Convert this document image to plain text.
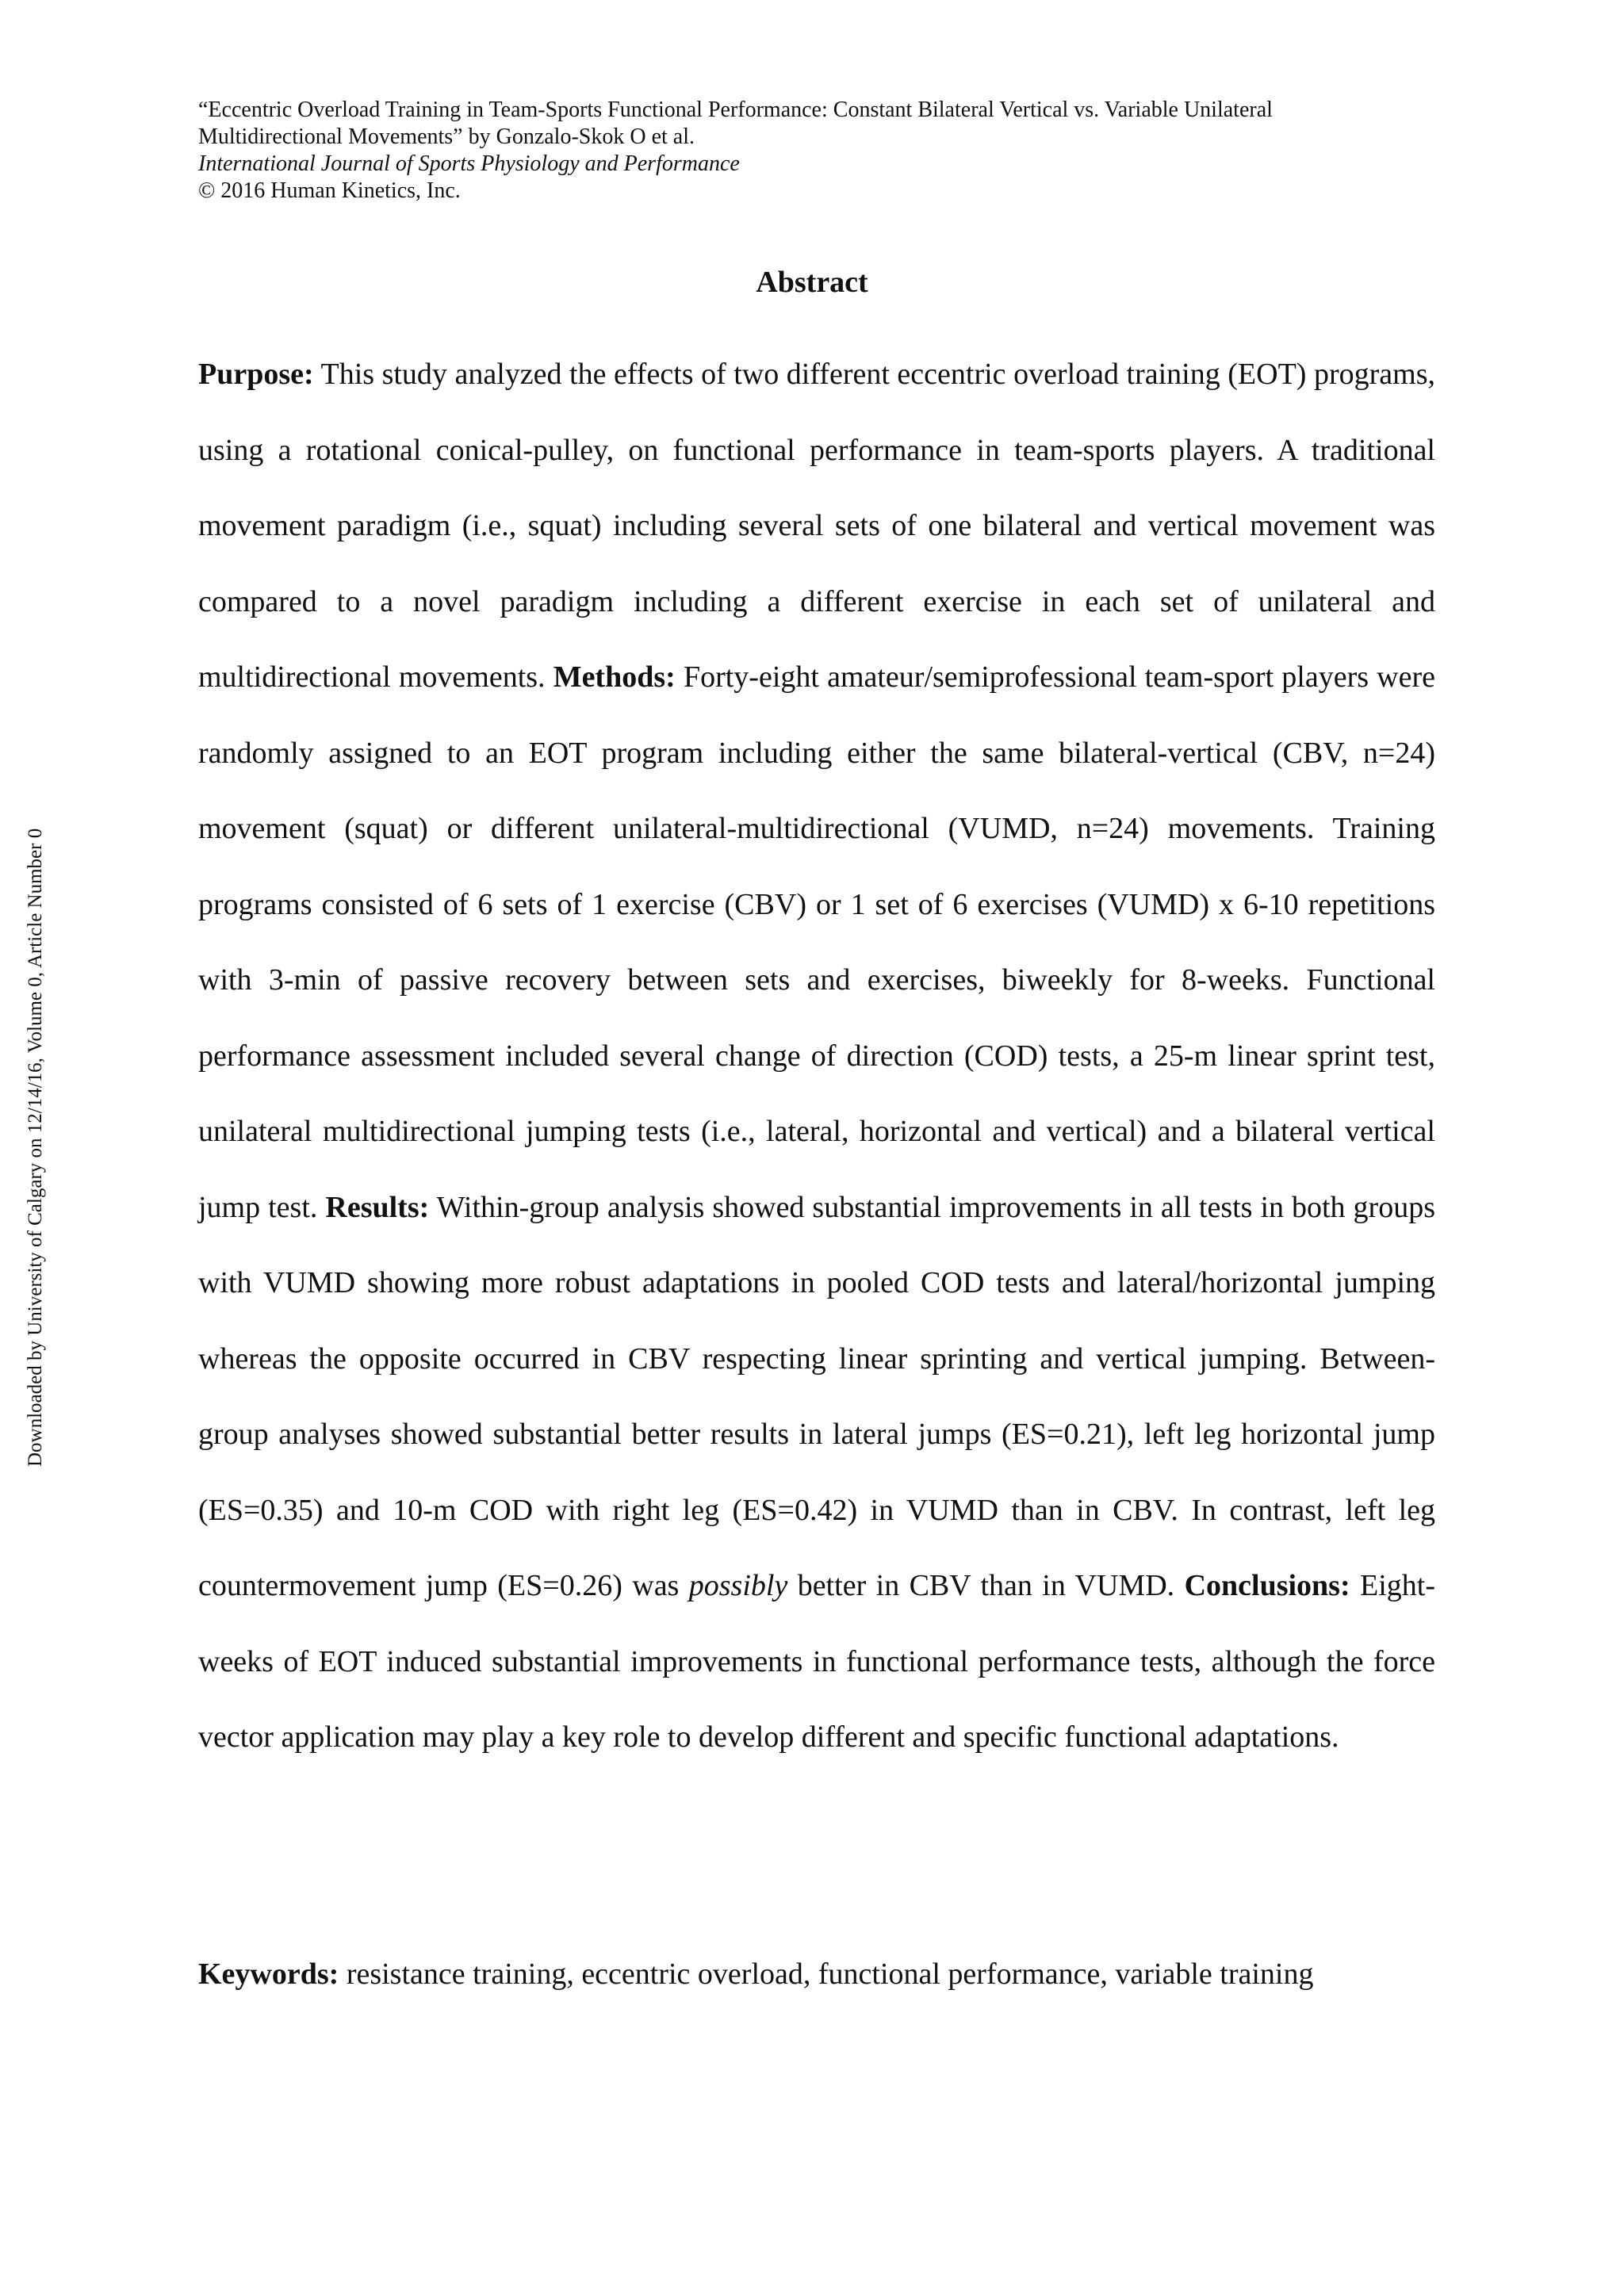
“Eccentric Overload Training in Team-Sports Functional Performance: Constant Bilateral Vertical vs. Variable Unilateral
Multidirectional Movements” by Gonzalo-Skok O et al.
International Journal of Sports Physiology and Performance
© 2016 Human Kinetics, Inc.
Downloaded by University of Calgary on 12/14/16, Volume 0, Article Number 0
Abstract
Purpose: This study analyzed the effects of two different eccentric overload training (EOT) programs, using a rotational conical-pulley, on functional performance in team-sports players. A traditional movement paradigm (i.e., squat) including several sets of one bilateral and vertical movement was compared to a novel paradigm including a different exercise in each set of unilateral and multidirectional movements. Methods: Forty-eight amateur/semiprofessional team-sport players were randomly assigned to an EOT program including either the same bilateral-vertical (CBV, n=24) movement (squat) or different unilateral-multidirectional (VUMD, n=24) movements. Training programs consisted of 6 sets of 1 exercise (CBV) or 1 set of 6 exercises (VUMD) x 6-10 repetitions with 3-min of passive recovery between sets and exercises, biweekly for 8-weeks. Functional performance assessment included several change of direction (COD) tests, a 25-m linear sprint test, unilateral multidirectional jumping tests (i.e., lateral, horizontal and vertical) and a bilateral vertical jump test. Results: Within-group analysis showed substantial improvements in all tests in both groups with VUMD showing more robust adaptations in pooled COD tests and lateral/horizontal jumping whereas the opposite occurred in CBV respecting linear sprinting and vertical jumping. Between-group analyses showed substantial better results in lateral jumps (ES=0.21), left leg horizontal jump (ES=0.35) and 10-m COD with right leg (ES=0.42) in VUMD than in CBV. In contrast, left leg countermovement jump (ES=0.26) was possibly better in CBV than in VUMD. Conclusions: Eight-weeks of EOT induced substantial improvements in functional performance tests, although the force vector application may play a key role to develop different and specific functional adaptations.
Keywords: resistance training, eccentric overload, functional performance, variable training
